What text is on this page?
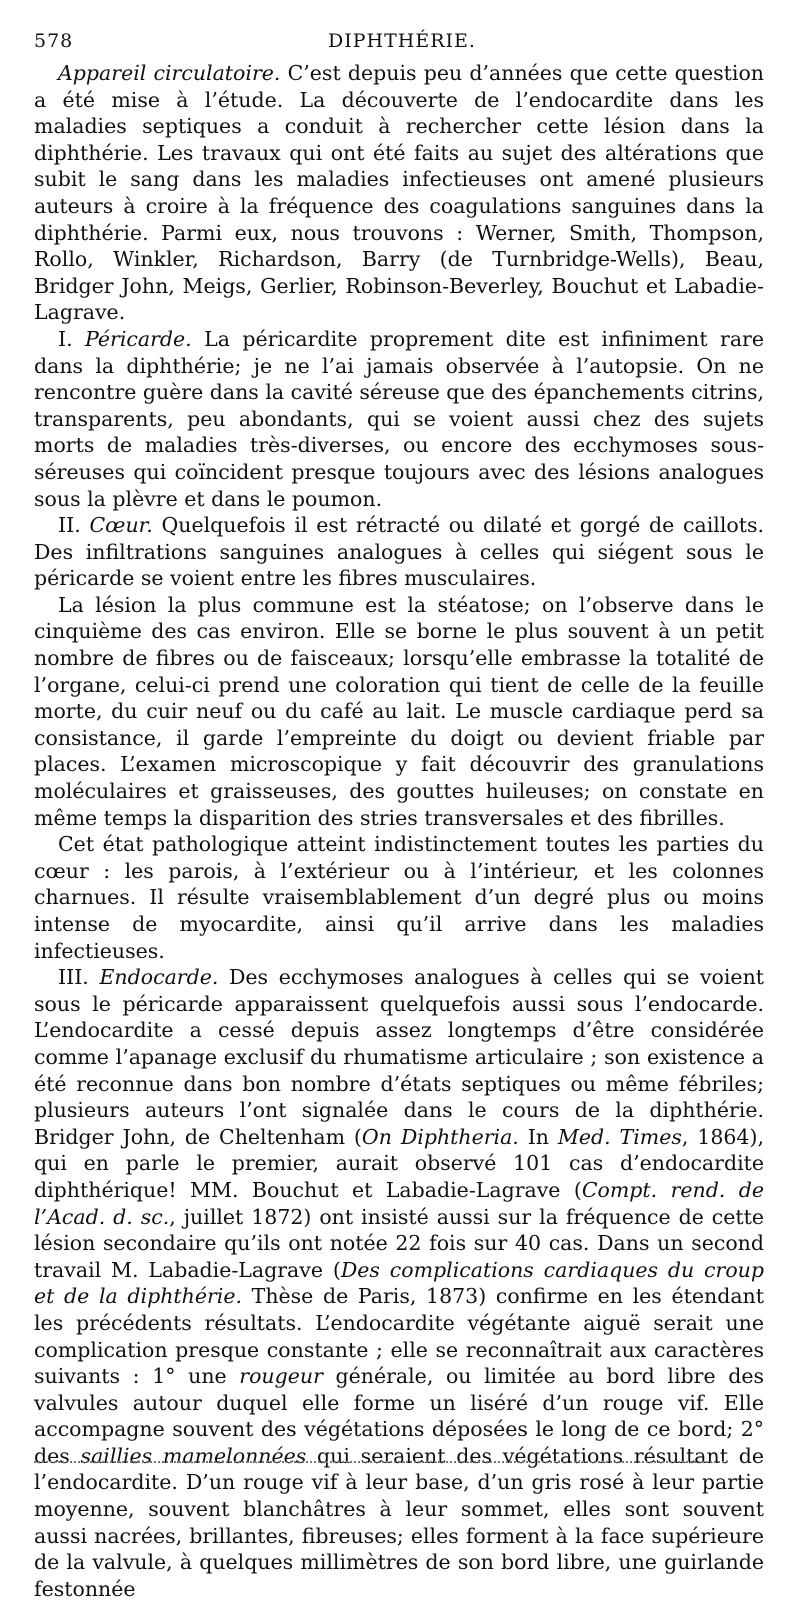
578	DIPHTHÉRIE.

Appareil circulatoire. C’est depuis peu d’années que cette question a été mise à l’étude. La découverte de l’endocardite dans les maladies septiques a conduit à rechercher cette lésion dans la diphthérie. Les travaux qui ont été faits au sujet des altérations que subit le sang dans les maladies infectieuses ont amené plusieurs auteurs à croire à la fréquence des coagulations sanguines dans la diphthérie. Parmi eux, nous trouvons : Werner, Smith, Thompson, Rollo, Winkler, Richardson, Barry (de Turnbridge-Wells), Beau, Bridger John, Meigs, Gerlier, Robinson-Beverley, Bouchut et Labadie-Lagrave.

I. Péricarde. La péricardite proprement dite est infiniment rare dans la diphthérie; je ne l’ai jamais observée à l’autopsie. On ne rencontre guère dans la cavité séreuse que des épanchements citrins, transparents, peu abondants, qui se voient aussi chez des sujets morts de maladies très-diverses, ou encore des ecchymoses sous-séreuses qui coïncident presque toujours avec des lésions analogues sous la plèvre et dans le poumon.

II. Cœur. Quelquefois il est rétracté ou dilaté et gorgé de caillots. Des infiltrations sanguines analogues à celles qui siégent sous le péricarde se voient entre les fibres musculaires.

La lésion la plus commune est la stéatose; on l’observe dans le cinquième des cas environ. Elle se borne le plus souvent à un petit nombre de fibres ou de faisceaux; lorsqu’elle embrasse la totalité de l’organe, celui-ci prend une coloration qui tient de celle de la feuille morte, du cuir neuf ou du café au lait. Le muscle cardiaque perd sa consistance, il garde l’empreinte du doigt ou devient friable par places. L’examen microscopique y fait découvrir des granulations moléculaires et graisseuses, des gouttes huileuses; on constate en même temps la disparition des stries transversales et des fibrilles.

Cet état pathologique atteint indistinctement toutes les parties du cœur : les parois, à l’extérieur ou à l’intérieur, et les colonnes charnues. Il résulte vraisemblablement d’un degré plus ou moins intense de myocardite, ainsi qu’il arrive dans les maladies infectieuses.

III. Endocarde. Des ecchymoses analogues à celles qui se voient sous le péricarde apparaissent quelquefois aussi sous l’endocarde. L’endocardite a cessé depuis assez longtemps d’être considérée comme l’apanage exclusif du rhumatisme articulaire ; son existence a été reconnue dans bon nombre d’états septiques ou même fébriles; plusieurs auteurs l’ont signalée dans le cours de la diphthérie. Bridger John, de Cheltenham (On Diphtheria. In Med. Times, 1864), qui en parle le premier, aurait observé 101 cas d’endocardite diphthérique! MM. Bouchut et Labadie-Lagrave (Compt. rend. de l’Acad. d. sc., juillet 1872) ont insisté aussi sur la fréquence de cette lésion secondaire qu’ils ont notée 22 fois sur 40 cas. Dans un second travail M. Labadie-Lagrave (Des complications cardiaques du croup et de la diphthérie. Thèse de Paris, 1873) confirme en les étendant les précédents résultats. L’endocardite végétante aiguë serait une complication presque constante ; elle se reconnaîtrait aux caractères suivants : 1° une rougeur générale, ou limitée au bord libre des valvules autour duquel elle forme un liséré d’un rouge vif. Elle accompagne souvent des végétations déposées le long de ce bord; 2° des saillies mamelonnées qui seraient des végétations résultant de l’endocardite. D’un rouge vif à leur base, d’un gris rosé à leur partie moyenne, souvent blanchâtres à leur sommet, elles sont souvent aussi nacrées, brillantes, fibreuses; elles forment à la face supérieure de la valvule, à quelques millimètres de son bord libre, une guirlande festonnée
